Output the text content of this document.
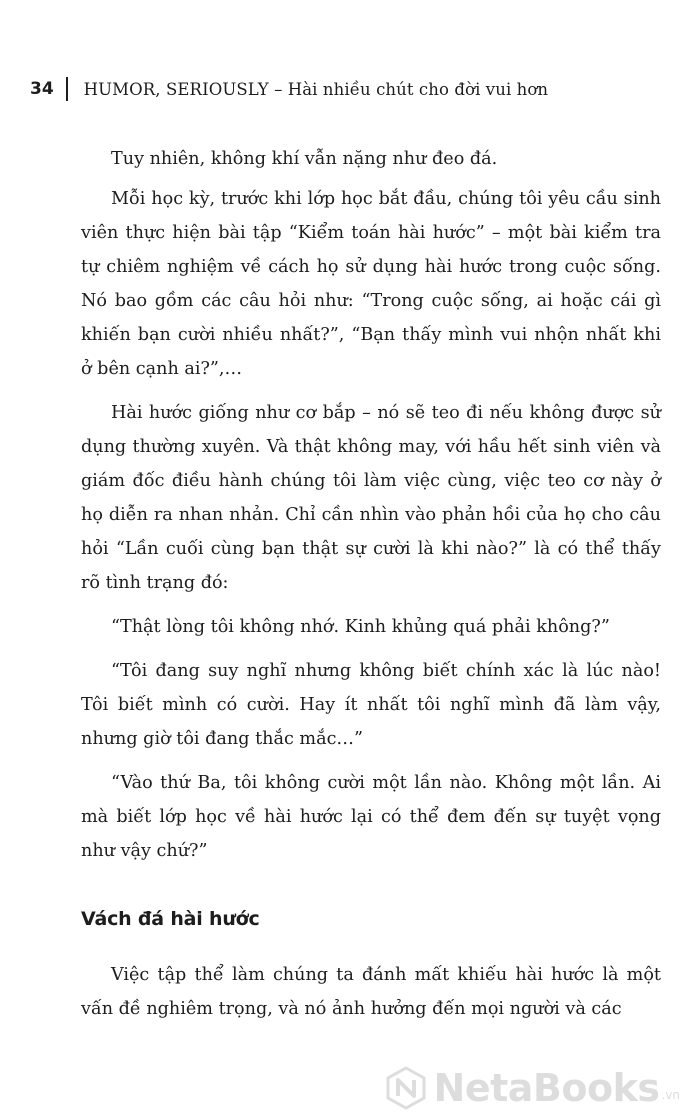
34 HUMOR, SERIOUSLY – Hài nhiều chút cho đời vui hơn

Tuy nhiên, không khí vẫn nặng như đeo đá.

Mỗi học kỳ, trước khi lớp học bắt đầu, chúng tôi yêu cầu sinh viên thực hiện bài tập “Kiểm toán hài hước” – một bài kiểm tra tự chiêm nghiệm về cách họ sử dụng hài hước trong cuộc sống. Nó bao gồm các câu hỏi như: “Trong cuộc sống, ai hoặc cái gì khiến bạn cười nhiều nhất?”, “Bạn thấy mình vui nhộn nhất khi ở bên cạnh ai?”,…

Hài hước giống như cơ bắp – nó sẽ teo đi nếu không được sử dụng thường xuyên. Và thật không may, với hầu hết sinh viên và giám đốc điều hành chúng tôi làm việc cùng, việc teo cơ này ở họ diễn ra nhan nhản. Chỉ cần nhìn vào phản hồi của họ cho câu hỏi “Lần cuối cùng bạn thật sự cười là khi nào?” là có thể thấy rõ tình trạng đó:

“Thật lòng tôi không nhớ. Kinh khủng quá phải không?”

“Tôi đang suy nghĩ nhưng không biết chính xác là lúc nào! Tôi biết mình có cười. Hay ít nhất tôi nghĩ mình đã làm vậy, nhưng giờ tôi đang thắc mắc…”

“Vào thứ Ba, tôi không cười một lần nào. Không một lần. Ai mà biết lớp học về hài hước lại có thể đem đến sự tuyệt vọng như vậy chứ?”

Vách đá hài hước

Việc tập thể làm chúng ta đánh mất khiếu hài hước là một vấn đề nghiêm trọng, và nó ảnh hưởng đến mọi người và các

NetaBooks .vn
